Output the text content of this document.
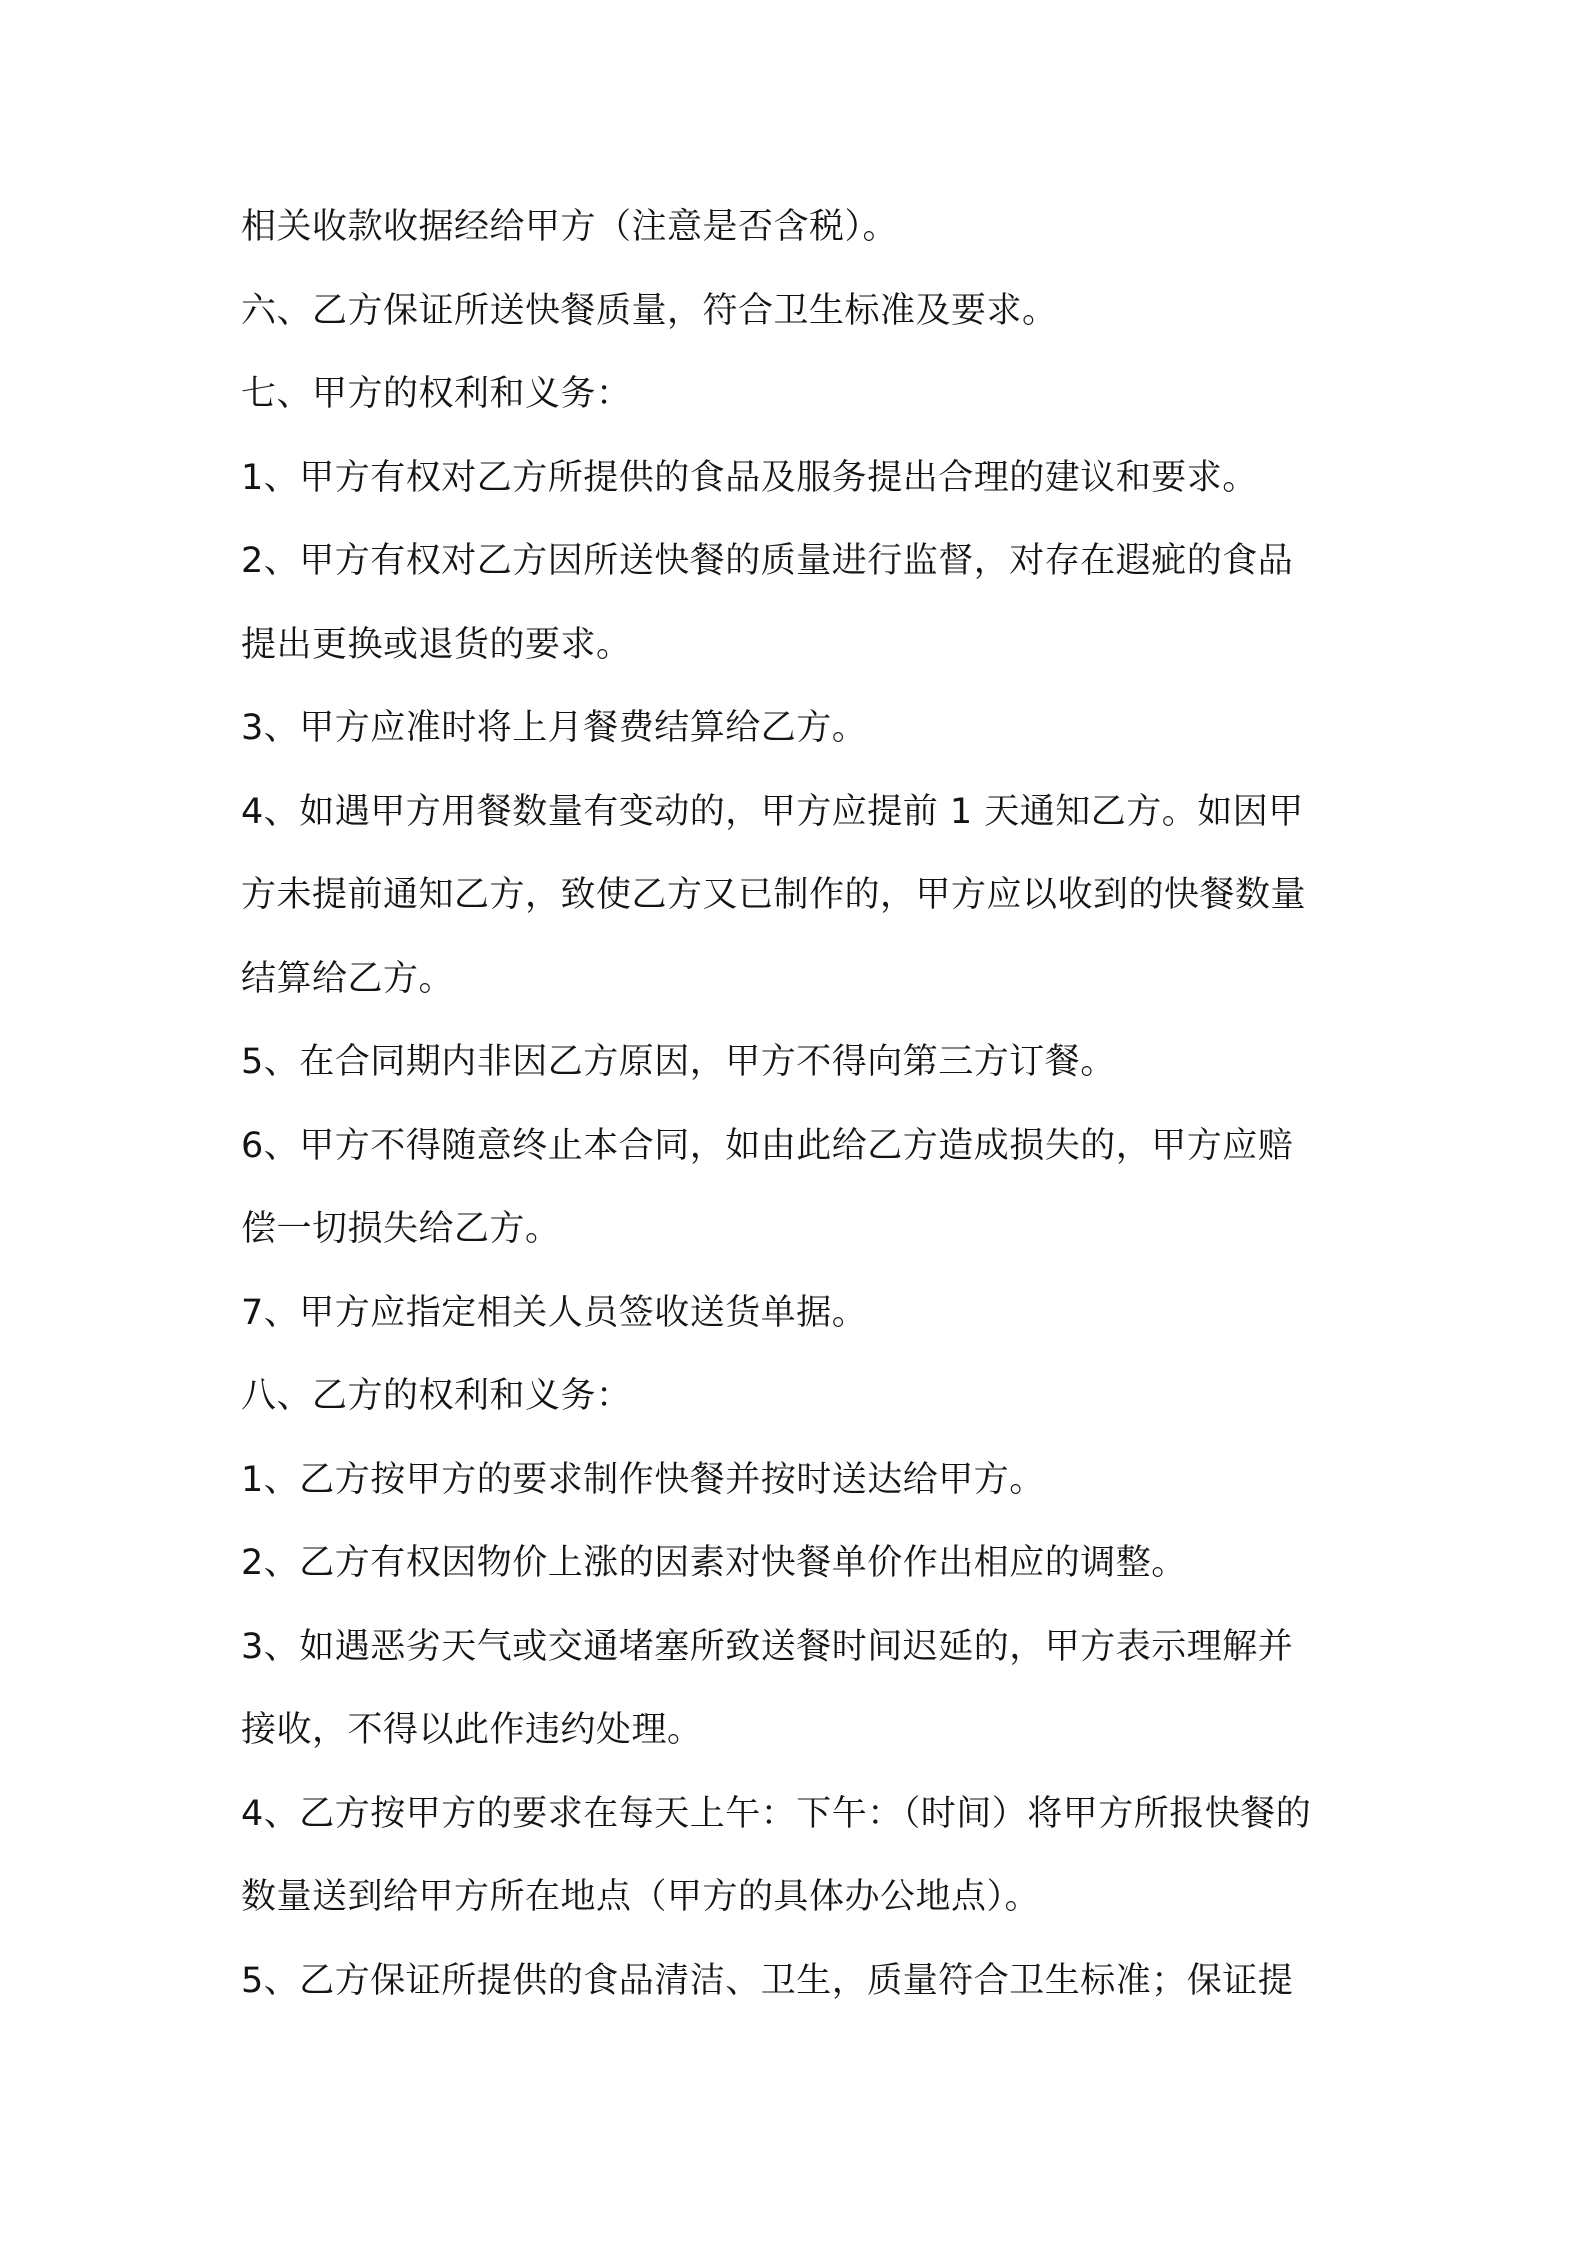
相关收款收据经给甲方（注意是否含税）。

六、乙方保证所送快餐质量，符合卫生标准及要求。

七、甲方的权利和义务：

1、甲方有权对乙方所提供的食品及服务提出合理的建议和要求。

2、甲方有权对乙方因所送快餐的质量进行监督，对存在遐疵的食品

提出更换或退货的要求。

3、甲方应准时将上月餐费结算给乙方。

4、如遇甲方用餐数量有变动的，甲方应提前 1 天通知乙方。如因甲

方未提前通知乙方，致使乙方又已制作的，甲方应以收到的快餐数量

结算给乙方。

5、在合同期内非因乙方原因，甲方不得向第三方订餐。

6、甲方不得随意终止本合同，如由此给乙方造成损失的，甲方应赔

偿一切损失给乙方。

7、甲方应指定相关人员签收送货单据。

八、乙方的权利和义务：

1、乙方按甲方的要求制作快餐并按时送达给甲方。

2、乙方有权因物价上涨的因素对快餐单价作出相应的调整。

3、如遇恶劣天气或交通堵塞所致送餐时间迟延的，甲方表示理解并

接收，不得以此作违约处理。

4、乙方按甲方的要求在每天上午：下午：（时间）将甲方所报快餐的

数量送到给甲方所在地点（甲方的具体办公地点）。

5、乙方保证所提供的食品清洁、卫生，质量符合卫生标准；保证提
